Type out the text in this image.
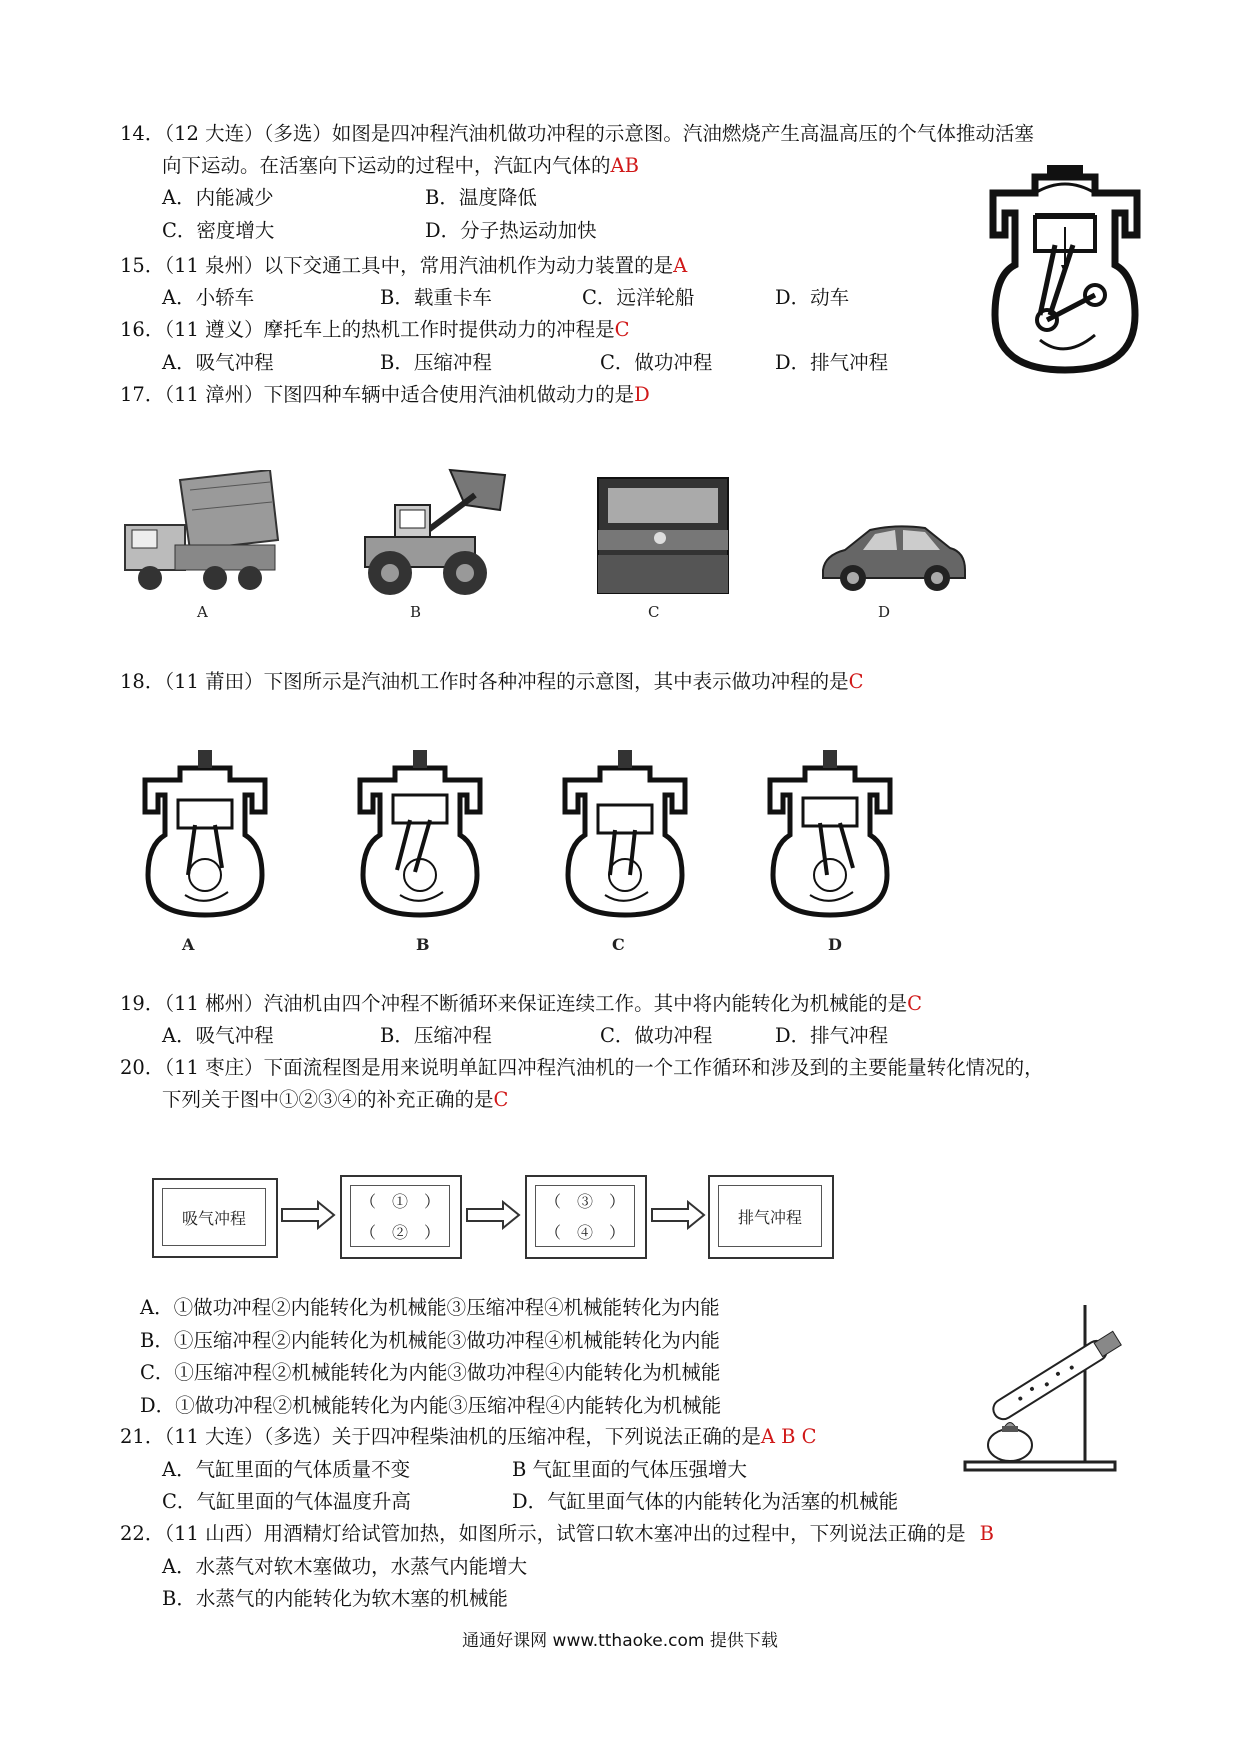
14．（12 大连）（多选）如图是四冲程汽油机做功冲程的示意图。汽油燃烧产生高温高压的个气体推动活塞
向下运动。在活塞向下运动的过程中，汽缸内气体的AB
A．内能减少	B．温度降低
C．密度增大	D．分子热运动加快
15．（11 泉州）以下交通工具中，常用汽油机作为动力装置的是A
A．小轿车	B．载重卡车	C．远洋轮船	D．动车
16．（11 遵义）摩托车上的热机工作时提供动力的冲程是C
A．吸气冲程	B．压缩冲程	C．做功冲程	D．排气冲程
17．（11 漳州）下图四种车辆中适合使用汽油机做动力的是D
A	B	C	D
18．（11 莆田）下图所示是汽油机工作时各种冲程的示意图，其中表示做功冲程的是C
A	B	C	D
19．（11 郴州）汽油机由四个冲程不断循环来保证连续工作。其中将内能转化为机械能的是C
A．吸气冲程	B．压缩冲程	C．做功冲程	D．排气冲程
20．（11 枣庄）下面流程图是用来说明单缸四冲程汽油机的一个工作循环和涉及到的主要能量转化情况的，
下列关于图中①②③④的补充正确的是C
吸气冲程
（　①　）
（　②　）
（　③　）
（　④　）
排气冲程
A．①做功冲程②内能转化为机械能③压缩冲程④机械能转化为内能
B．①压缩冲程②内能转化为机械能③做功冲程④机械能转化为内能
C．①压缩冲程②机械能转化为内能③做功冲程④内能转化为机械能
D．①做功冲程②机械能转化为内能③压缩冲程④内能转化为机械能
21．（11 大连）（多选）关于四冲程柴油机的压缩冲程，下列说法正确的是A B C
A．气缸里面的气体质量不变	B 气缸里面的气体压强增大
C．气缸里面的气体温度升高	D．气缸里面气体的内能转化为活塞的机械能
22．（11 山西）用酒精灯给试管加热，如图所示，试管口软木塞冲出的过程中，下列说法正确的是 B
A．水蒸气对软木塞做功，水蒸气内能增大
B．水蒸气的内能转化为软木塞的机械能
通通好课网 www.tthaoke.com 提供下载
